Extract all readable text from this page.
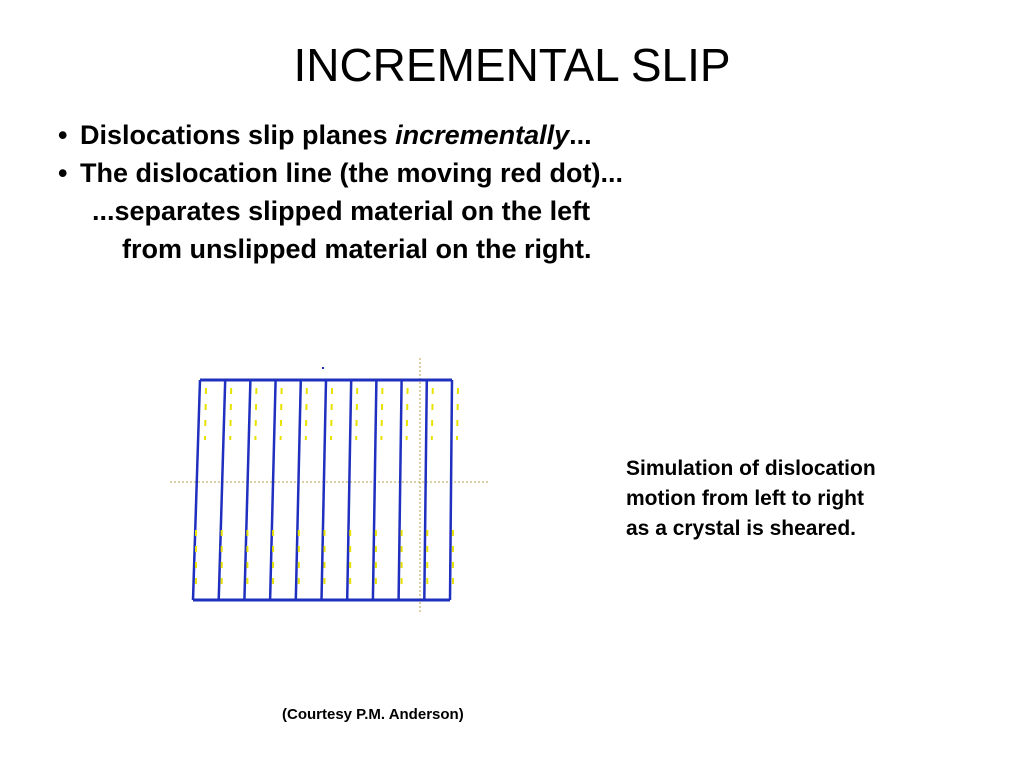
INCREMENTAL SLIP
• Dislocations slip planes incrementally...
• The dislocation line (the moving red dot)...
...separates slipped material on the left
from unslipped material on the right.
Simulation of dislocation
motion from left to right
as a crystal is sheared.
(Courtesy P.M. Anderson)
